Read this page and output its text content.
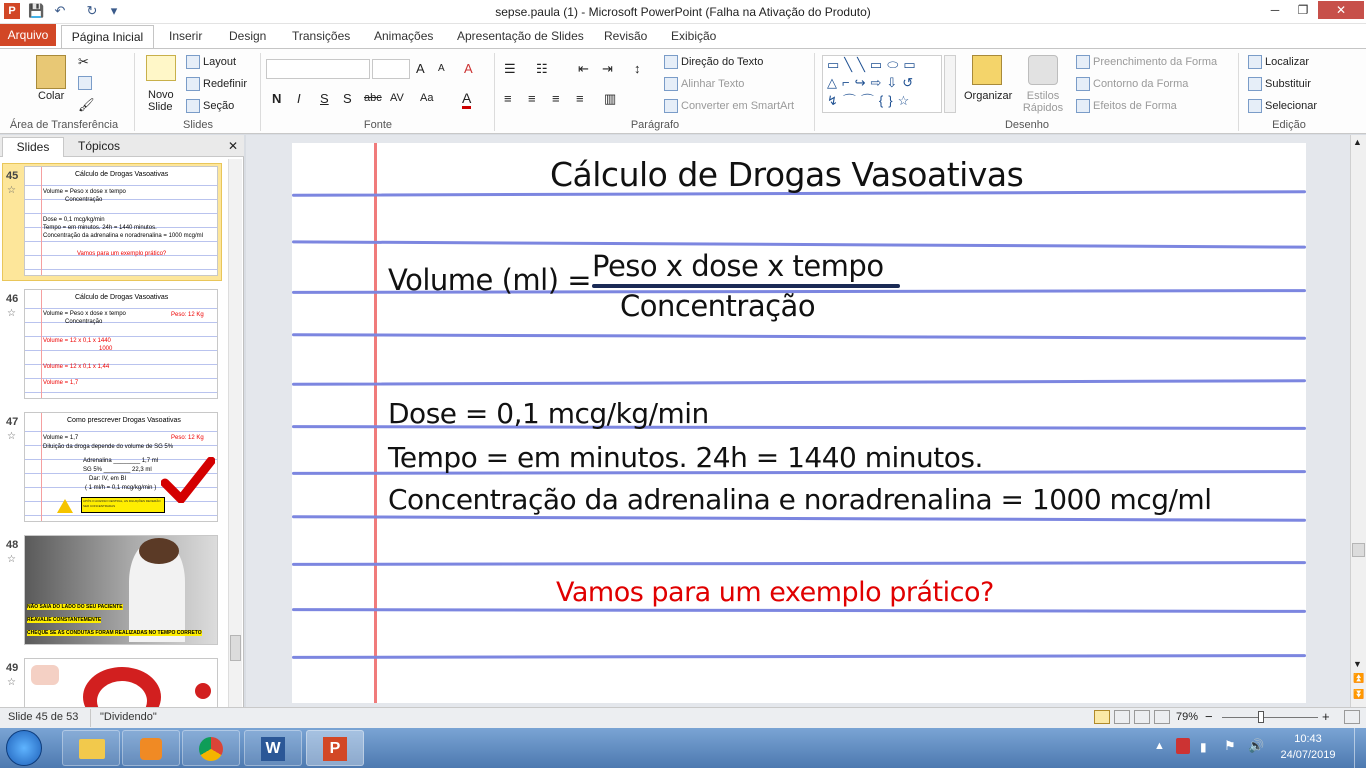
P 💾 ↶ ↻	▾	sepse.paula (1) - Microsoft PowerPoint (Falha na Ativação do Produto)	─	❐	✕
Arquivo	Página Inicial	Inserir Design Transições Animações Apresentação de Slides Revisão Exibição
Colar
✂
🖌
Área de Transferência
Novo Slide
Layout
Redefinir
Seção
Slides
A A A
N I S S abc AV Aa A
Fonte
☰ ☷ ⇤ ⇥ ↕
≡ ≡ ≡ ≡ ▥
Direção do Texto
Alinhar Texto
Converter em SmartArt
Parágrafo
▭╲╲▭⬭▭
△⌐↪⇨⇩↺
↯⌒⌒{}☆	Organizar	Estilos Rápidos
Preenchimento da Forma
Contorno da Forma
Efeitos de Forma
Desenho
Localizar
Substituir
Selecionar
Edição
Slides	Tópicos	✕
45
☆
Cálculo de Drogas Vasoativas
Volume = Peso x dose x tempo
Concentração
Dose = 0,1 mcg/kg/min
Tempo = em minutos. 24h = 1440 minutos.
Concentração da adrenalina e noradrenalina = 1000 mcg/ml
Vamos para um exemplo prático?
46
☆
Cálculo de Drogas Vasoativas
Volume = Peso x dose x tempo
Concentração
Peso: 12 Kg
Volume = 12 x 0,1 x 1440
1000
Volume = 12 x 0,1 x 1,44
Volume = 1,7
47
☆
Como prescrever Drogas Vasoativas
Volume = 1,7	Peso: 12 Kg
Diluição da droga depende do volume de SG 5%
Adrenalina ________ 1,7 ml
SG 5% ________ 22,3 ml
Dar: IV, em BI
( 1 ml/h = 0,1 mcg/kg/min )
APÓS O ACESSO CENTRAL, AS DILUIÇÕES DEVERÃO SER CONCENTRADAS
48
☆
NÃO SAIA DO LADO DO SEU PACIENTE
REAVALIE CONSTANTEMENTE
CHEQUE SE AS CONDUTAS FORAM REALIZADAS NO TEMPO CORRETO
49
☆
Cálculo de Drogas Vasoativas
Volume (ml) = Peso x dose x tempo
Concentração
Dose = 0,1 mcg/kg/min
Tempo = em minutos. 24h = 1440 minutos.
Concentração da adrenalina e noradrenalina = 1000 mcg/ml
Vamos para um exemplo prático?
▲
▼
⏫
⏬
Slide 45 de 53 "Dividendo"	79% −	+
W	P	▲	▮ ⚑ 🔊	10:43
24/07/2019
